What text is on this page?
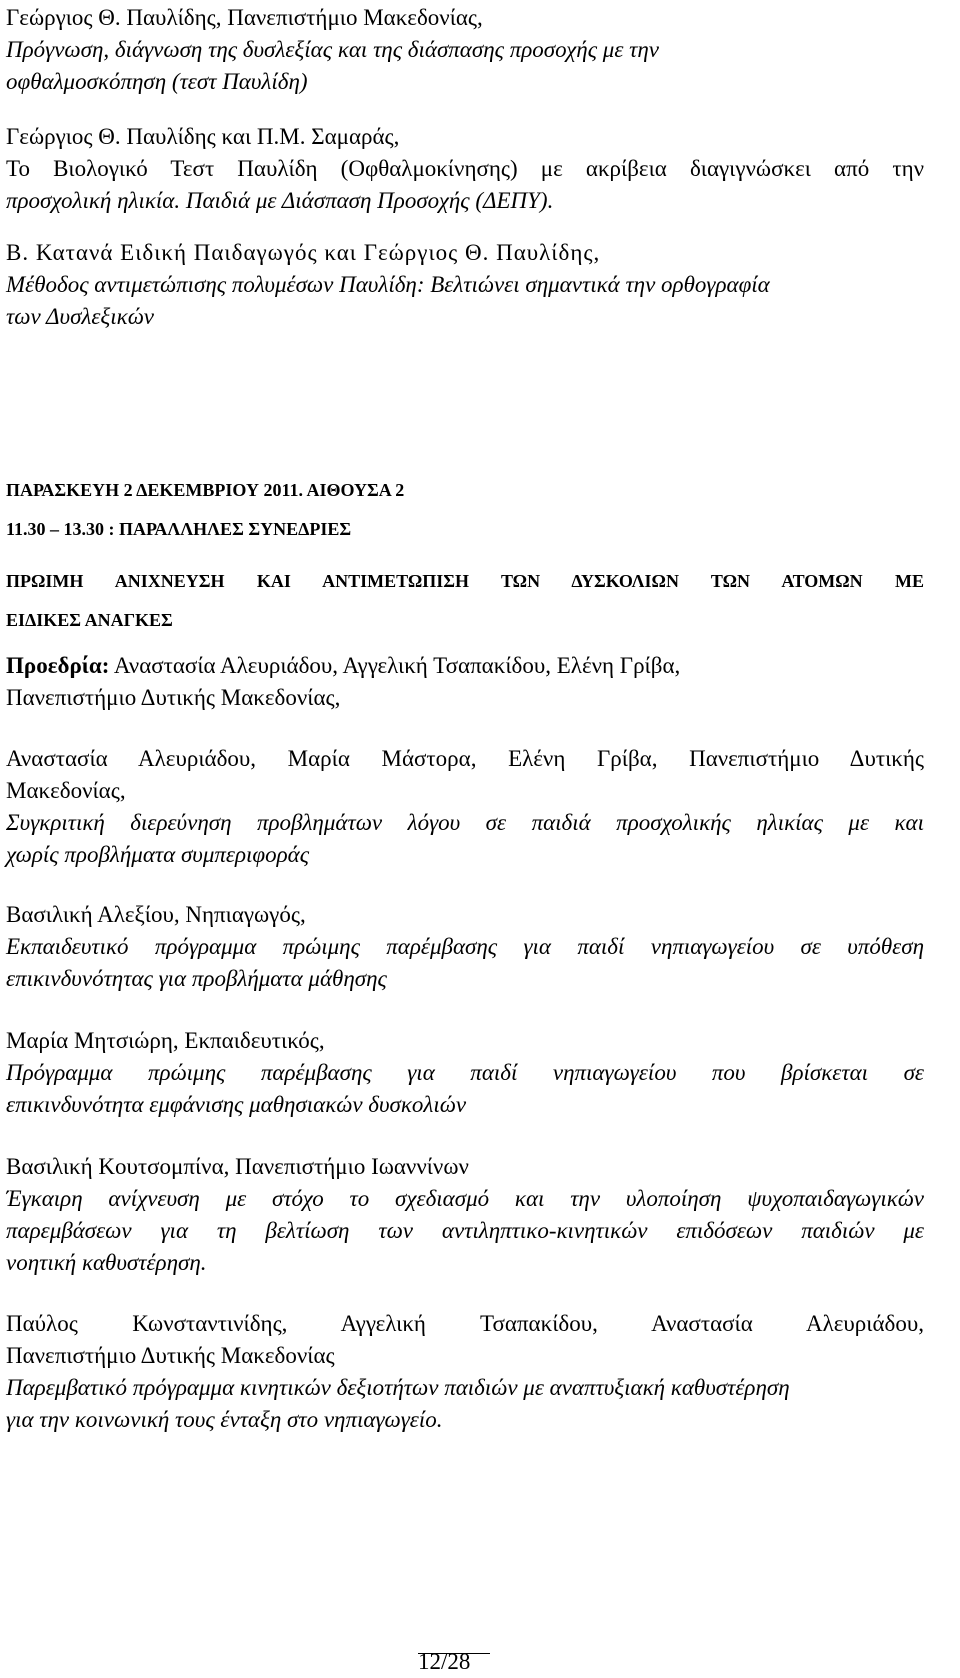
Γεώργιος Θ. Παυλίδης, Πανεπιστήμιο Μακεδονίας,
Πρόγνωση, διάγνωση της δυσλεξίας και της διάσπασης προσοχής με την
οφθαλμοσκόπηση (τεστ Παυλίδη)
Γεώργιος Θ. Παυλίδης και Π.Μ. Σαμαράς,
Το Βιολογικό Τεστ Παυλίδη (Οφθαλμοκίνησης) με ακρίβεια διαγιγνώσκει από την
προσχολική ηλικία. Παιδιά με Διάσπαση Προσοχής (ΔΕΠΥ).
Β. Κατανά Ειδική Παιδαγωγός και Γεώργιος Θ. Παυλίδης,
Μέθοδος αντιμετώπισης πολυμέσων Παυλίδη: Βελτιώνει σημαντικά την ορθογραφία
των Δυσλεξικών
ΠΑΡΑΣΚΕΥΗ 2 ΔΕΚΕΜΒΡΙΟΥ 2011. ΑΙΘΟΥΣΑ 2
11.30 – 13.30 : ΠΑΡΑΛΛΗΛΕΣ ΣΥΝΕΔΡΙΕΣ
ΠΡΩΙΜΗ ΑΝΙΧΝΕΥΣΗ ΚΑΙ ΑΝΤΙΜΕΤΩΠΙΣΗ ΤΩΝ ΔΥΣΚΟΛΙΩΝ ΤΩΝ ΑΤΟΜΩΝ ΜΕ
ΕΙΔΙΚΕΣ ΑΝΑΓΚΕΣ
Προεδρία: Αναστασία Αλευριάδου, Αγγελική Τσαπακίδου, Ελένη Γρίβα,
Πανεπιστήμιο Δυτικής Μακεδονίας,
Αναστασία Αλευριάδου, Μαρία Μάστορα, Ελένη Γρίβα, Πανεπιστήμιο Δυτικής
Μακεδονίας,
Συγκριτική διερεύνηση προβλημάτων λόγου σε παιδιά προσχολικής ηλικίας με και
χωρίς προβλήματα συμπεριφοράς
Βασιλική Αλεξίου, Νηπιαγωγός,
Εκπαιδευτικό πρόγραμμα πρώιμης παρέμβασης για παιδί νηπιαγωγείου σε υπόθεση
επικινδυνότητας για προβλήματα μάθησης
Μαρία Μητσιώρη, Εκπαιδευτικός,
Πρόγραμμα πρώιμης παρέμβασης για παιδί νηπιαγωγείου που βρίσκεται σε
επικινδυνότητα εμφάνισης μαθησιακών δυσκολιών
Βασιλική Κουτσομπίνα, Πανεπιστήμιο Ιωαννίνων
Έγκαιρη ανίχνευση με στόχο το σχεδιασμό και την υλοποίηση ψυχοπαιδαγωγικών
παρεμβάσεων για τη βελτίωση των αντιληπτικο-κινητικών επιδόσεων παιδιών με
νοητική καθυστέρηση.
Παύλος Κωνσταντινίδης, Αγγελική Τσαπακίδου, Αναστασία Αλευριάδου,
Πανεπιστήμιο Δυτικής Μακεδονίας
Παρεμβατικό πρόγραμμα κινητικών δεξιοτήτων παιδιών με αναπτυξιακή καθυστέρηση
για την κοινωνική τους ένταξη στο νηπιαγωγείο.
12/28
